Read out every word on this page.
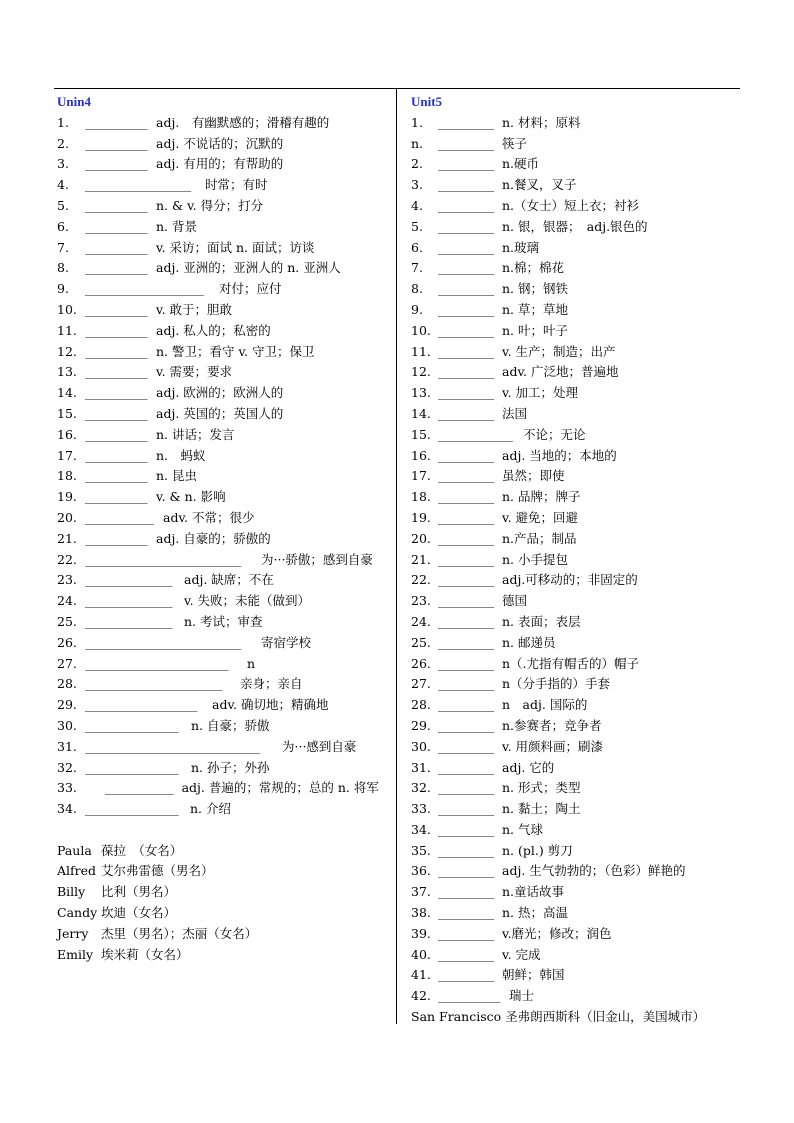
Unin4
1. __________ adj.　有幽默感的；滑稽有趣的
2. __________ adj. 不说话的；沉默的
3. __________ adj. 有用的；有帮助的
4. _________________ 时常；有时
5. __________ n. & v. 得分；打分
6. __________ n. 背景
7. __________ v. 采访；面试 n. 面试；访谈
8. __________ adj. 亚洲的；亚洲人的 n. 亚洲人
9. ___________________ 对付；应付
10. __________ v. 敢于；胆敢
11. __________ adj. 私人的；私密的
12. __________ n. 警卫；看守 v. 守卫；保卫
13. __________ v. 需要；要求
14. __________ adj. 欧洲的；欧洲人的
15. __________ adj. 英国的；英国人的
16. __________ n. 讲话；发言
17. __________ n.　蚂蚁
18. __________ n. 昆虫
19. __________ v. & n. 影响
20. ___________ adv. 不常；很少
21. __________ adj. 自豪的；骄傲的
22. _________________________ 为···骄傲；感到自豪
23. ______________ adj. 缺席；不在
24. ______________ v. 失败；未能（做到）
25. ______________ n. 考试；审查
26. _________________________ 寄宿学校
27. _______________________ n
28. ______________________ 亲身；亲自
29. __________________ adv. 确切地；精确地
30. _______________ n. 自豪；骄傲
31. ____________________________ 为···感到自豪
32. _______________ n. 孙子；外孙
33. ___________ adj. 普遍的；常规的；总的 n. 将军
34. _______________ n. 介绍
Paula 葆拉　（女名）
Alfred 艾尔弗雷德（男名）
Billy 比利（男名）
Candy 坎迪（女名）
Jerry 杰里（男名）；杰丽（女名）
Emily 埃米莉（女名）
Unit5
1. _________ n. 材料；原料
n. _________ 筷子
2. _________ n.硬币
3. _________ n.餐叉，叉子
4. _________ n.（女士）短上衣；衬衫
5. _________ n. 银，银器；　adj.银色的
6. _________ n.玻璃
7. _________ n.棉；棉花
8. _________ n. 钢；钢铁
9. _________ n. 草；草地
10. _________ n. 叶；叶子
11. _________ v. 生产；制造；出产
12. _________ adv. 广泛地；普遍地
13. _________ v. 加工；处理
14. _________ 法国
15. ____________ 不论；无论
16. _________ adj. 当地的；本地的
17. _________ 虽然；即使
18. _________ n. 品牌；牌子
19. _________ v. 避免；回避
20. _________ n.产品；制品
21. _________ n. 小手提包
22. _________ adj.可移动的；非固定的
23. _________ 德国
24. _________ n. 表面；表层
25. _________ n. 邮递员
26. _________ n（.尤指有帽舌的）帽子
27. _________ n（分手指的）手套
28. _________ n　adj. 国际的
29. _________ n.参赛者；竞争者
30. _________ v. 用颜料画；刷漆
31. _________ adj. 它的
32. _________ n. 形式；类型
33. _________ n. 黏土；陶土
34. _________ n. 气球
35. _________ n. (pl.) 剪刀
36. _________ adj. 生气勃勃的；（色彩）鲜艳的
37. _________ n.童话故事
38. _________ n. 热；高温
39. _________ v.磨光；修改；润色
40. _________ v. 完成
41. _________ 朝鲜；韩国
42. __________ 瑞士
San Francisco 圣弗朗西斯科（旧金山，美国城市）
